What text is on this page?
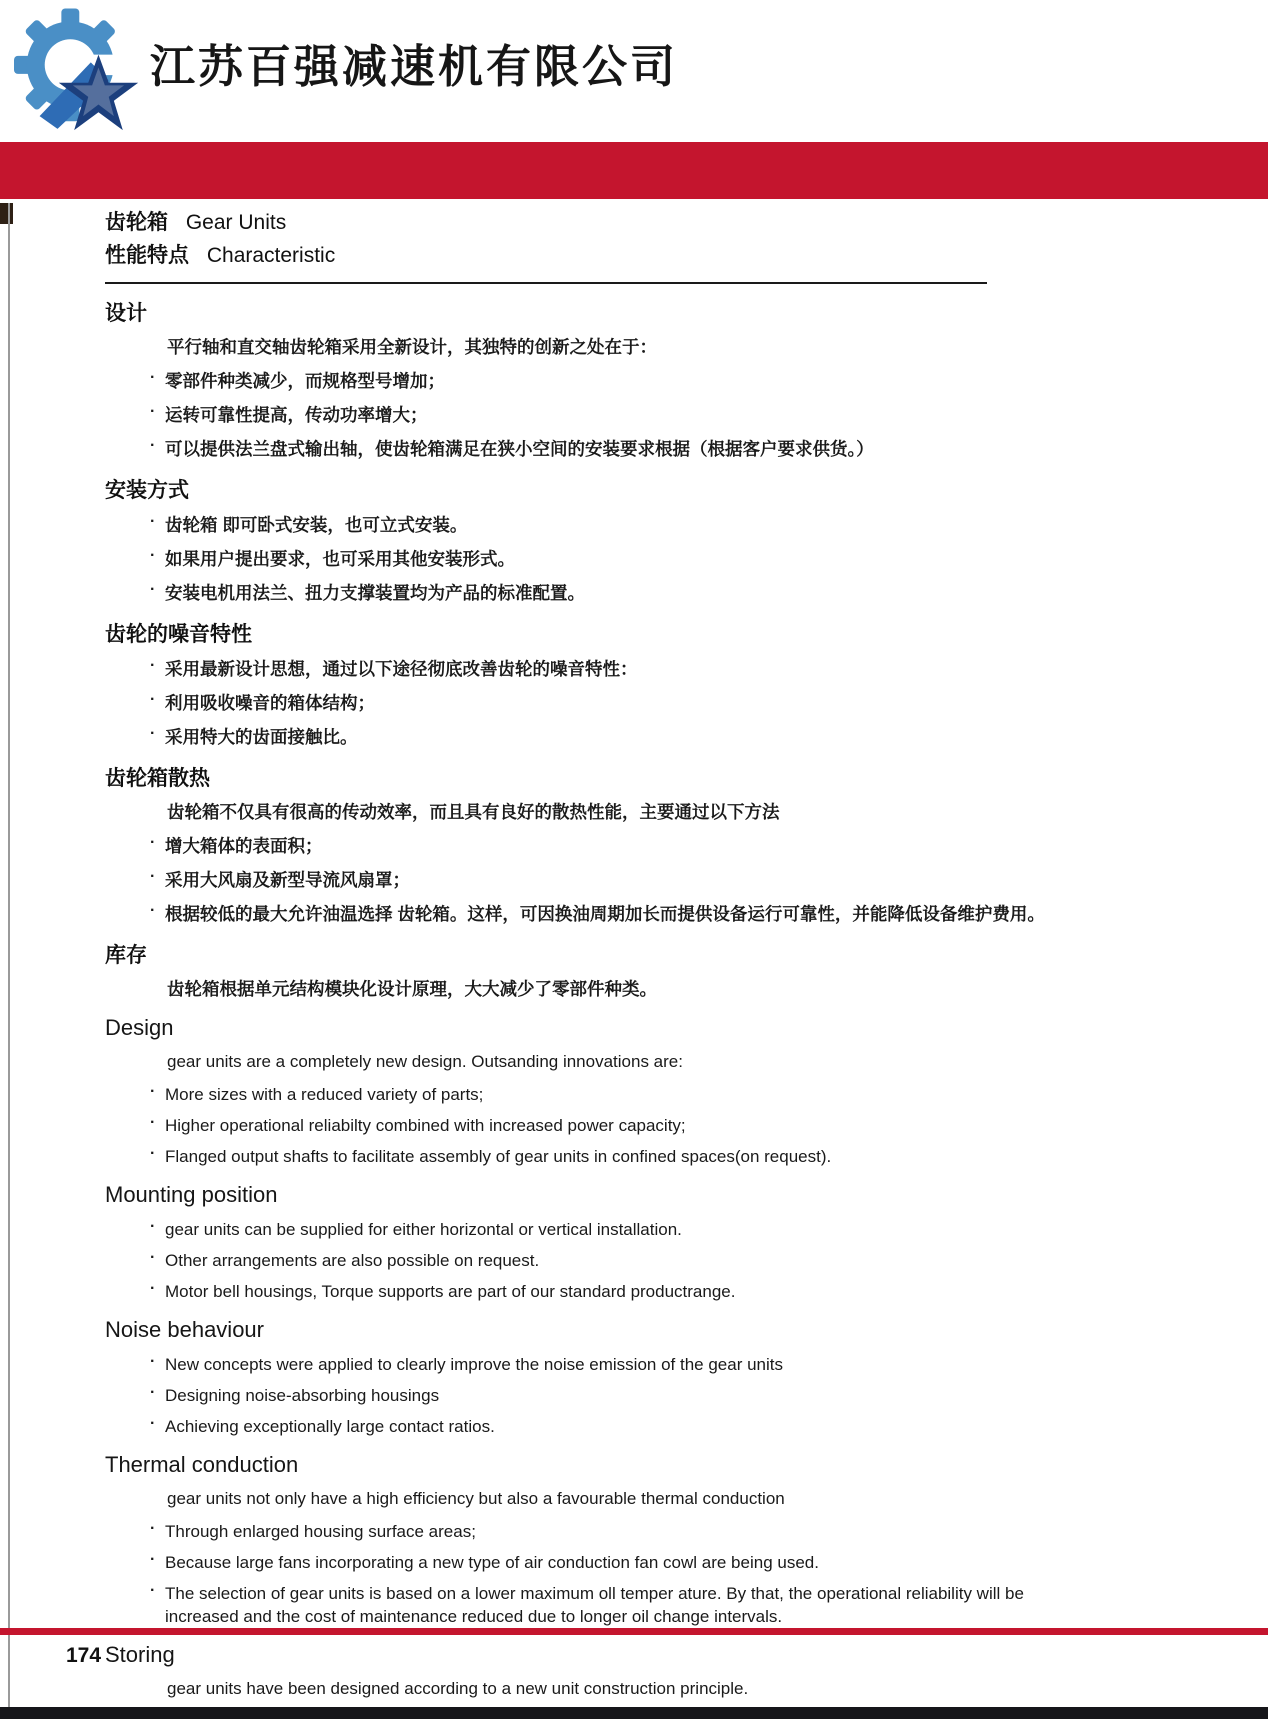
江苏百强减速机有限公司
齿轮箱 Gear Units
性能特点 Characteristic
设计

平行轴和直交轴齿轮箱采用全新设计，其独特的创新之处在于：

·
零部件种类减少，而规格型号增加；
·
运转可靠性提高，传动功率增大；
·
可以提供法兰盘式输出轴，使齿轮箱满足在狭小空间的安装要求根据（根据客户要求供货。）
安装方式
·
齿轮箱 即可卧式安装，也可立式安装。
·
如果用户提出要求，也可采用其他安装形式。
·
安装电机用法兰、扭力支撑装置均为产品的标准配置。
齿轮的噪音特性
·
采用最新设计思想，通过以下途径彻底改善齿轮的噪音特性：
·
利用吸收噪音的箱体结构；
·
采用特大的齿面接触比。
齿轮箱散热

齿轮箱不仅具有很高的传动效率，而且具有良好的散热性能，主要通过以下方法

·
增大箱体的表面积；
·
采用大风扇及新型导流风扇罩；
·
根据较低的最大允许油温选择 齿轮箱。这样，可因换油周期加长而提供设备运行可靠性，并能降低设备维护费用。
库存

齿轮箱根据单元结构模块化设计原理，大大减少了零部件种类。

Design

gear units are a completely new design. Outsanding innovations are:

·
More sizes with a reduced variety of parts;
·
Higher operational reliabilty combined with increased power capacity;
·
Flanged output shafts to facilitate assembly of gear units in confined spaces(on request).
Mounting position
·
gear units can be supplied for either horizontal or vertical installation.
·
Other arrangements are also possible on request.
·
Motor bell housings, Torque supports are part of our standard productrange.
Noise behaviour
·
New concepts were applied to clearly improve the noise emission of the gear units
·
Designing noise-absorbing housings
·
Achieving exceptionally large contact ratios.
Thermal conduction

gear units not only have a high efficiency but also a favourable thermal conduction

·
Through enlarged housing surface areas;
·
Because large fans incorporating a new type of air conduction fan cowl are being used.
·
The selection of gear units is based on a lower maximum oll temper ature. By that, the operational reliability will be increased and the cost of maintenance reduced due to longer oil change intervals.
Storing

gear units have been designed according to a new unit construction principle.

174
